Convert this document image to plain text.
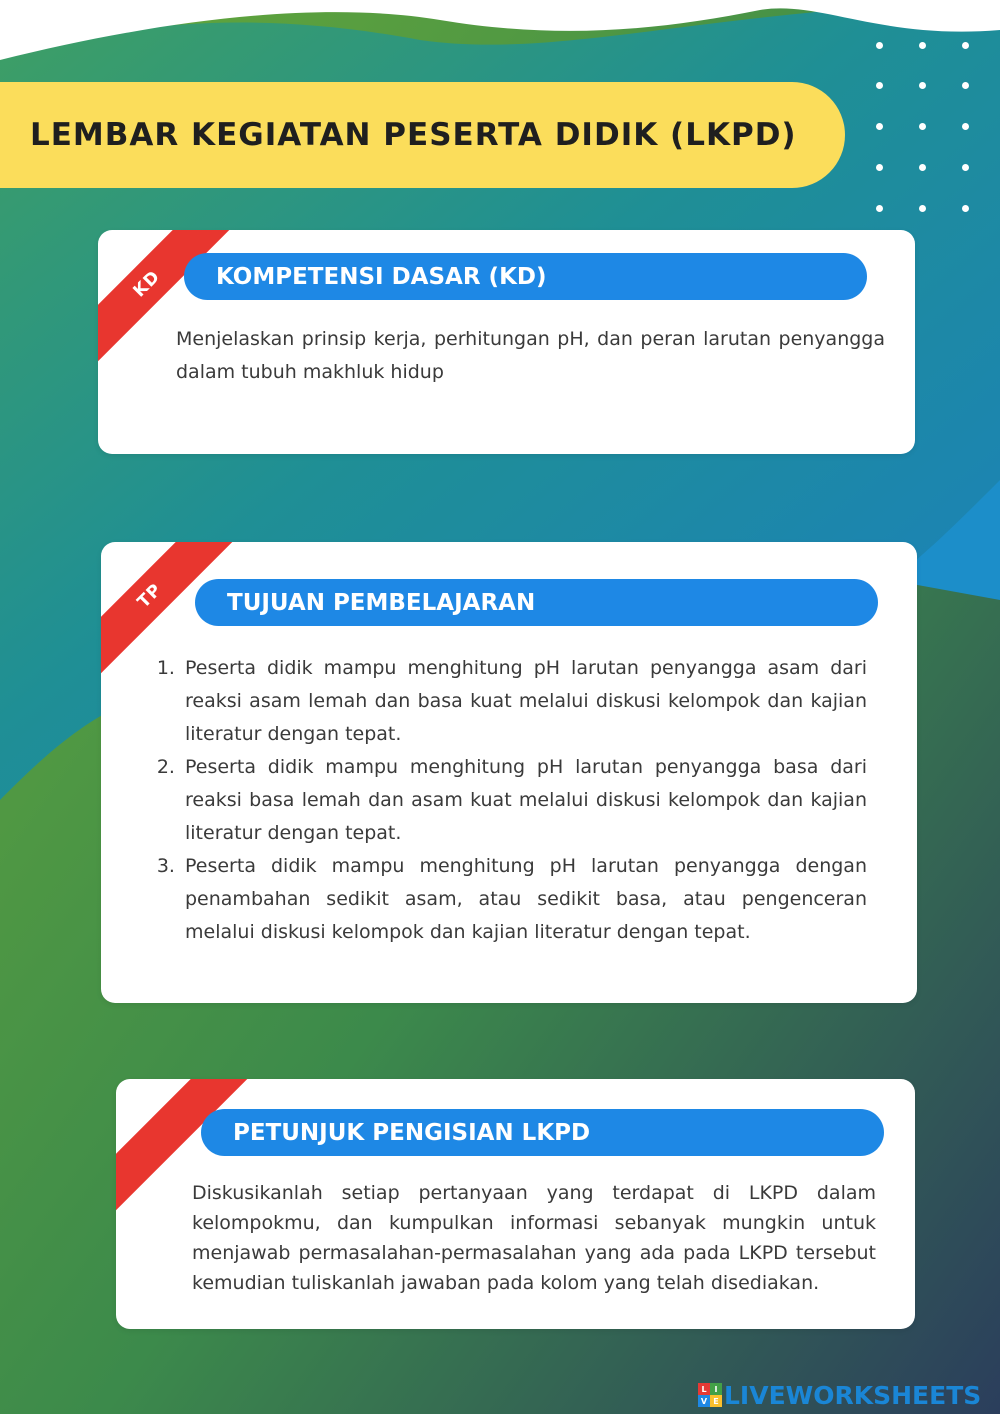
LEMBAR KEGIATAN PESERTA DIDIK (LKPD)
KD	KOMPETENSI DASAR (KD)
Menjelaskan prinsip kerja, perhitungan pH, dan peran larutan penyangga dalam tubuh makhluk hidup
TP	TUJUAN PEMBELAJARAN
1. Peserta didik mampu menghitung pH larutan penyangga asam dari reaksi asam lemah dan basa kuat melalui diskusi kelompok dan kajian literatur dengan tepat.
2. Peserta didik mampu menghitung pH larutan penyangga basa dari reaksi basa lemah dan asam kuat melalui diskusi kelompok dan kajian literatur dengan tepat.
3. Peserta didik mampu menghitung pH larutan penyangga dengan penambahan sedikit asam, atau sedikit basa, atau pengenceran melalui diskusi kelompok dan kajian literatur dengan tepat.
PETUNJUK PENGISIAN LKPD
Diskusikanlah setiap pertanyaan yang terdapat di LKPD dalam kelompokmu, dan kumpulkan informasi sebanyak mungkin untuk menjawab permasalahan-permasalahan yang ada pada LKPD tersebut kemudian tuliskanlah jawaban pada kolom yang telah disediakan.
L I
V E LIVEWORKSHEETS
